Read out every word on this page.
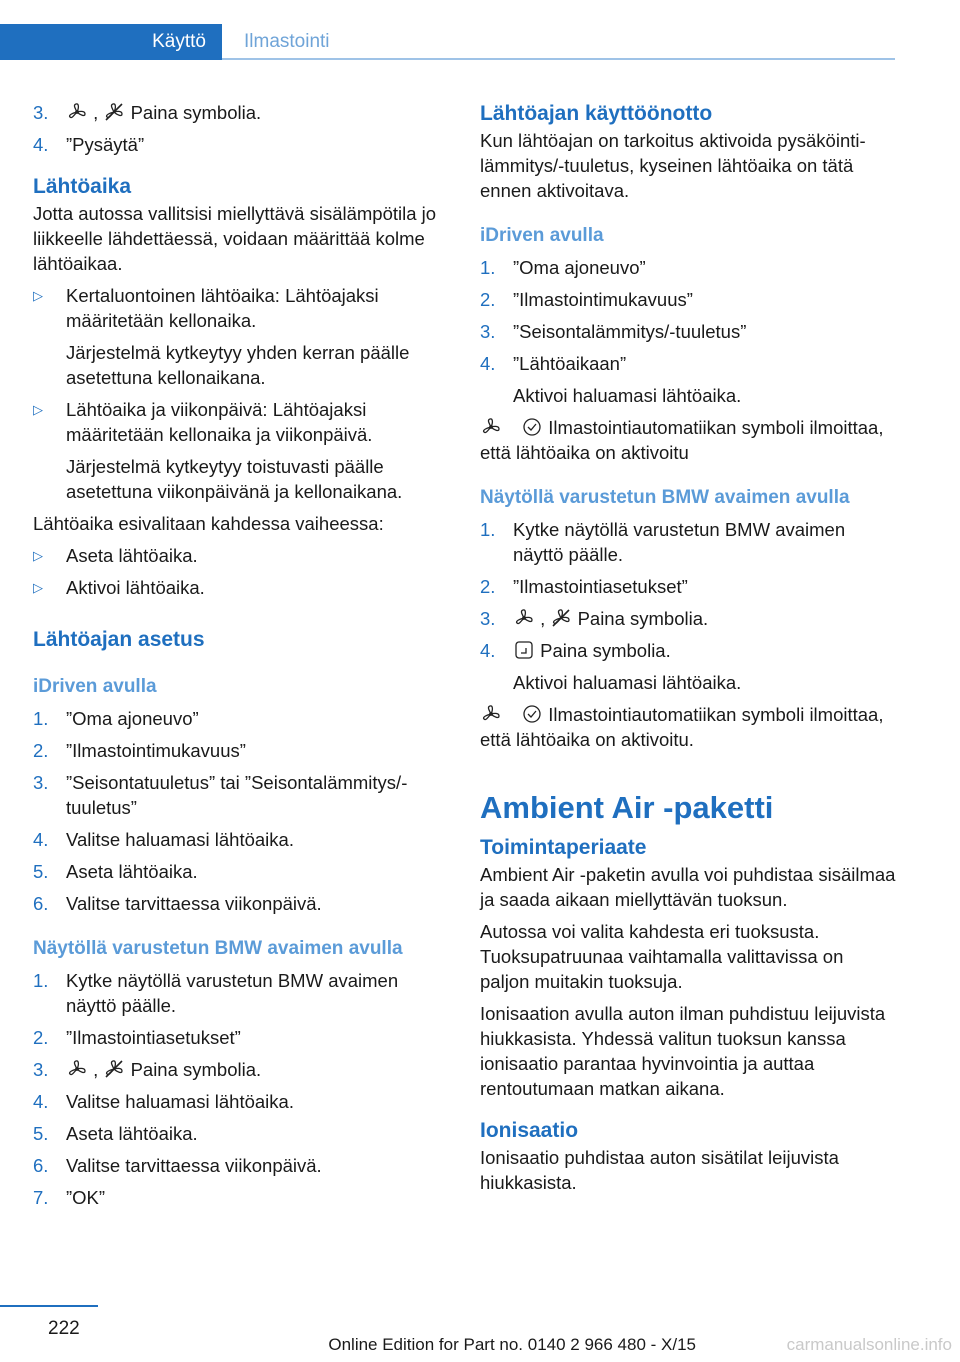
Käyttö	Ilmastointi
3.	, Paina symbolia.
4. ”Pysäytä”
Lähtöaika

Jotta autossa vallitsisi miellyttävä sisälämpötila jo liikkeelle lähdettäessä, voidaan määrittää kolme lähtöaikaa.

▷	Kertaluontoinen lähtöaika: Lähtöajaksi määritetään kellonaika.
Järjestelmä kytkeytyy yhden kerran päälle asetettuna kellonaikana.
▷	Lähtöaika ja viikonpäivä: Lähtöajaksi määritetään kellonaika ja viikonpäivä.
Järjestelmä kytkeytyy toistuvasti päälle asetettuna viikonpäivänä ja kellonaikana.

Lähtöaika esivalitaan kahdessa vaiheessa:

▷	Aseta lähtöaika.
▷	Aktivoi lähtöaika.
Lähtöajan asetus
iDriven avulla
1. ”Oma ajoneuvo”
2. ”Ilmastointimukavuus”
3. ”Seisontatuuletus” tai ”Seisontalämmitys/-tuuletus”
4. Valitse haluamasi lähtöaika.
5. Aseta lähtöaika.
6. Valitse tarvittaessa viikonpäivä.
Näytöllä varustetun BMW avaimen avulla
1. Kytke näytöllä varustetun BMW avaimen näyttö päälle.
2. ”Ilmastointiasetukset”
3.	, Paina symbolia.
4. Valitse haluamasi lähtöaika.
5. Aseta lähtöaika.
6. Valitse tarvittaessa viikonpäivä.
7. ”OK”
Lähtöajan käyttöönotto

Kun lähtöajan on tarkoitus aktivoida pysäköintilämmitys/-tuuletus, kyseinen lähtöaika on tätä ennen aktivoitava.

iDriven avulla
1. ”Oma ajoneuvo”
2. ”Ilmastointimukavuus”
3. ”Seisontalämmitys/-tuuletus”
4. ”Lähtöaikaan”
Aktivoi haluamasi lähtöaika.

Ilmastointiautomatiikan symboli ilmoittaa, että lähtöaika on aktivoitu

Näytöllä varustetun BMW avaimen avulla
1. Kytke näytöllä varustetun BMW avaimen näyttö päälle.
2. ”Ilmastointiasetukset”
3.	, Paina symbolia.
4.	Paina symbolia.
Aktivoi haluamasi lähtöaika.

Ilmastointiautomatiikan symboli ilmoittaa, että lähtöaika on aktivoitu.

Ambient Air -paketti
Toimintaperiaate

Ambient Air -paketin avulla voi puhdistaa sisäilmaa ja saada aikaan miellyttävän tuoksun.

Autossa voi valita kahdesta eri tuoksusta. Tuoksupatruunaa vaihtamalla valittavissa on paljon muitakin tuoksuja.

Ionisaation avulla auton ilman puhdistuu leijuvista hiukkasista. Yhdessä valitun tuoksun kanssa ionisaatio parantaa hyvinvointia ja auttaa rentoutumaan matkan aikana.

Ionisaatio

Ionisaatio puhdistaa auton sisätilat leijuvista hiukkasista.

222
Online Edition for Part no. 0140 2 966 480 - X/15	carmanualsonline.info
